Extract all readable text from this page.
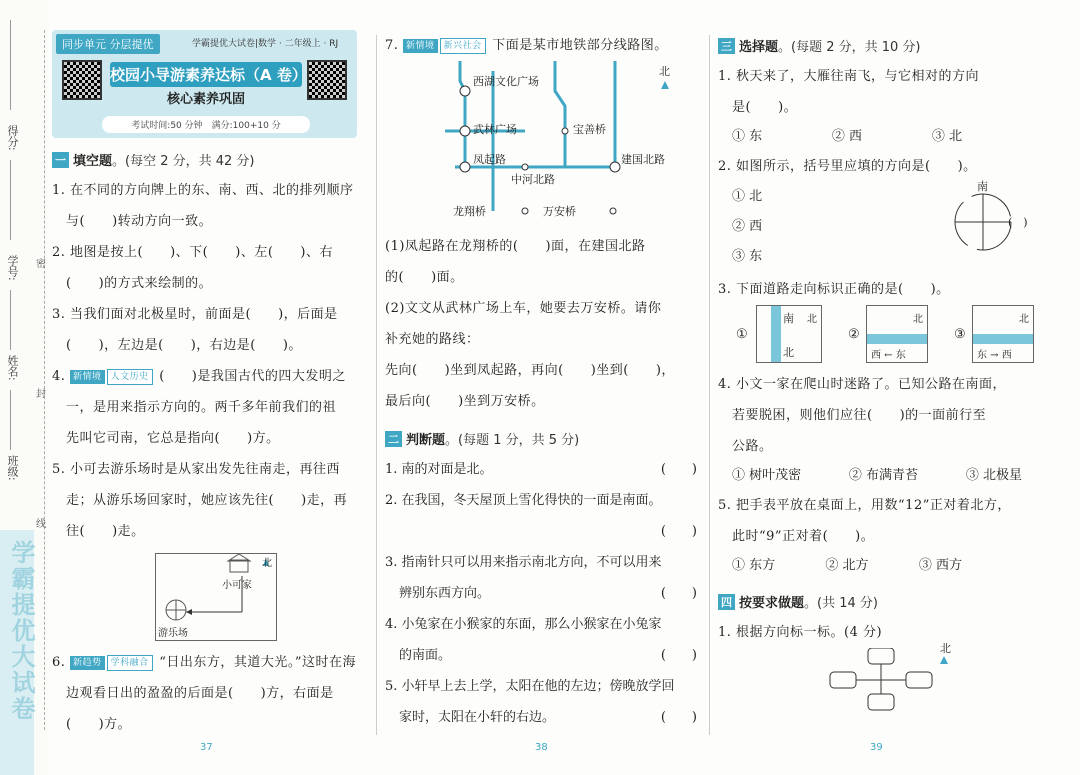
得分:
学号:
姓名:
班级:
密
封
线
学霸提优大试卷
同步单元 分层提优	学霸提优大试卷|数学 · 二年级上 · RJ
校园小导游素养达标（A 卷）
核心素养巩固
考试时间:50 分钟　满分:100+10 分
一 填空题 。(每空 2 分，共 42 分)
1. 在不同的方向牌上的东、南、西、北的排列顺序
与(　　)转动方向一致。
2. 地图是按上(　　)、下(　　)、左(　　)、右
(　　)的方式来绘制的。
3. 当我们面对北极星时，前面是(　　)，后面是
(　　)，左边是(　　)，右边是(　　)。
4. 新情境 人文历史 (　　)是我国古代的四大发明之
一，是用来指示方向的。两千多年前我们的祖
先叫它司南，它总是指向(　　)方。
5. 小可去游乐场时是从家出发先往南走，再往西
走；从游乐场回家时，她应该先往(　　)走，再
往(　　)走。
北
小可家
游乐场
6. 新趋势 学科融合 “日出东方，其道大光。”这时在海
边观看日出的盈盈的后面是(　　)方，右面是
(　　)方。
7. 新情境 新兴社会 下面是某市地铁部分线路图。
北
西湖文化广场
武林广场	宝善桥
凤起路	建国北路
中河北路
龙翔桥	万安桥
(1)凤起路在龙翔桥的(　　)面，在建国北路
的(　　)面。
(2)文文从武林广场上车，她要去万安桥。请你
补充她的路线：
先向(　　)坐到凤起路，再向(　　)坐到(　　)，
最后向(　　)坐到万安桥。
二 判断题 。(每题 1 分，共 5 分)
1. 南的对面是北。	(　　)
2. 在我国，冬天屋顶上雪化得快的一面是南面。
(　　)
3. 指南针只可以用来指示南北方向，不可以用来
辨别东西方向。	(　　)
4. 小兔家在小猴家的东面，那么小猴家在小兔家
的南面。	(　　)
5. 小轩早上去上学，太阳在他的左边；傍晚放学回
家时，太阳在小轩的右边。	(　　)
三 选择题 。(每题 2 分，共 10 分)
1. 秋天来了，大雁往南飞，与它相对的方向
是(　　)。
① 东	② 西	③ 北
2. 如图所示，括号里应填的方向是(　　)。
① 北
② 西
③ 东
南
(　)
3. 下面道路走向标识正确的是(　　)。
①
南
北
北
②
北
西 ← 东
③
北
东 → 西
4. 小文一家在爬山时迷路了。已知公路在南面，
若要脱困，则他们应往(　　)的一面前行至
公路。
① 树叶茂密	② 布满青苔	③ 北极星
5. 把手表平放在桌面上，用数“12”正对着北方，
此时“9”正对着(　　)。
① 东方	② 北方	③ 西方
四 按要求做题 。(共 14 分)
1. 根据方向标一标。(4 分)
北
37	38	39
